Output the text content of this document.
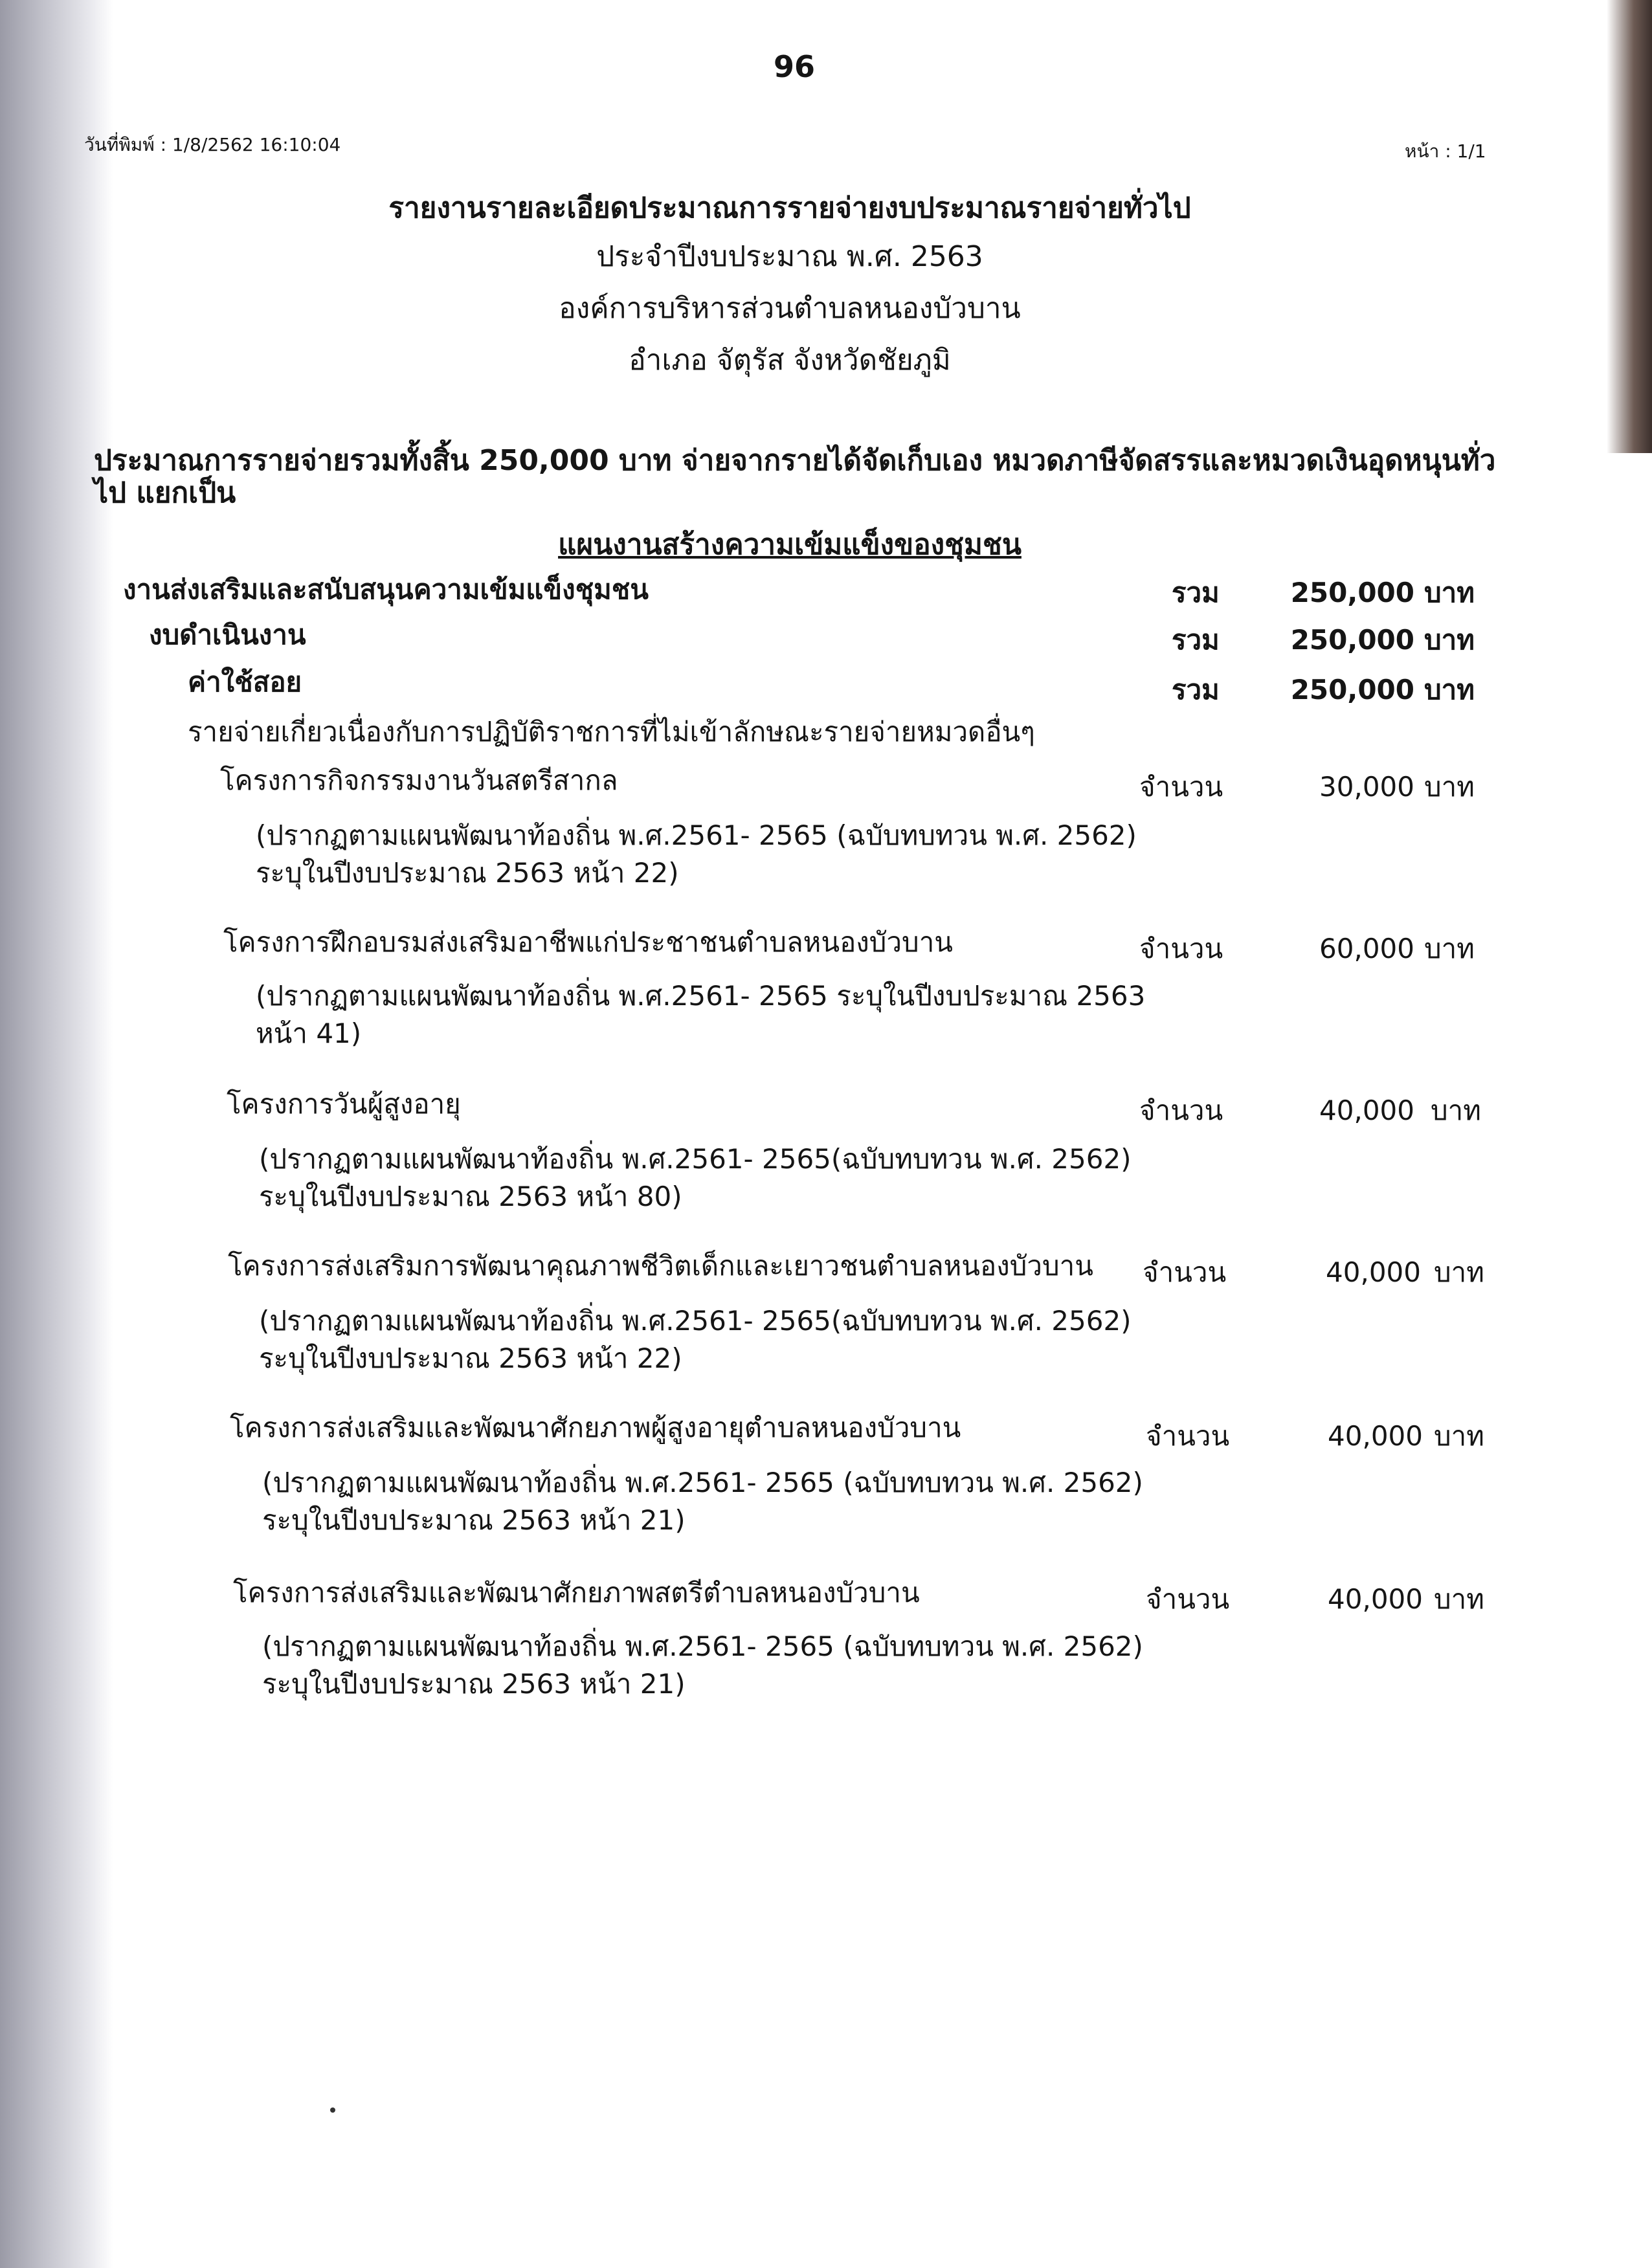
96
วันที่พิมพ์ : 1/8/2562 16:10:04	หน้า : 1/1
รายงานรายละเอียดประมาณการรายจ่ายงบประมาณรายจ่ายทั่วไป
ประจำปีงบประมาณ พ.ศ. 2563
องค์การบริหารส่วนตำบลหนองบัวบาน
อำเภอ จัตุรัส จังหวัดชัยภูมิ
ประมาณการรายจ่ายรวมทั้งสิ้น 250,000 บาท จ่ายจากรายได้จัดเก็บเอง หมวดภาษีจัดสรรและหมวดเงินอุดหนุนทั่ว
ไป แยกเป็น
แผนงานสร้างความเข้มแข็งของชุมชน
งานส่งเสริมและสนับสนุนความเข้มแข็งชุมชน	รวม	250,000 บาท
งบดำเนินงาน	รวม	250,000 บาท
ค่าใช้สอย	รวม	250,000 บาท
รายจ่ายเกี่ยวเนื่องกับการปฏิบัติราชการที่ไม่เข้าลักษณะรายจ่ายหมวดอื่นๆ
โครงการกิจกรรมงานวันสตรีสากล	จำนวน	30,000 บาท
(ปรากฏตามแผนพัฒนาท้องถิ่น พ.ศ.2561- 2565 (ฉบับทบทวน พ.ศ. 2562) ระบุในปีงบประมาณ 2563 หน้า 22)
โครงการฝึกอบรมส่งเสริมอาชีพแก่ประชาชนตำบลหนองบัวบาน	จำนวน	60,000 บาท
(ปรากฏตามแผนพัฒนาท้องถิ่น พ.ศ.2561- 2565 ระบุในปีงบประมาณ 2563 หน้า 41)
โครงการวันผู้สูงอายุ	จำนวน	40,000 บาท
(ปรากฏตามแผนพัฒนาท้องถิ่น พ.ศ.2561- 2565(ฉบับทบทวน พ.ศ. 2562) ระบุในปีงบประมาณ 2563 หน้า 80)
โครงการส่งเสริมการพัฒนาคุณภาพชีวิตเด็กและเยาวชนตำบลหนองบัวบาน จำนวน	40,000 บาท
(ปรากฏตามแผนพัฒนาท้องถิ่น พ.ศ.2561- 2565(ฉบับทบทวน พ.ศ. 2562) ระบุในปีงบประมาณ 2563 หน้า 22)
โครงการส่งเสริมและพัฒนาศักยภาพผู้สูงอายุตำบลหนองบัวบาน	จำนวน	40,000 บาท
(ปรากฏตามแผนพัฒนาท้องถิ่น พ.ศ.2561- 2565 (ฉบับทบทวน พ.ศ. 2562) ระบุในปีงบประมาณ 2563 หน้า 21)
โครงการส่งเสริมและพัฒนาศักยภาพสตรีตำบลหนองบัวบาน	จำนวน	40,000 บาท
(ปรากฏตามแผนพัฒนาท้องถิ่น พ.ศ.2561- 2565 (ฉบับทบทวน พ.ศ. 2562) ระบุในปีงบประมาณ 2563 หน้า 21)
